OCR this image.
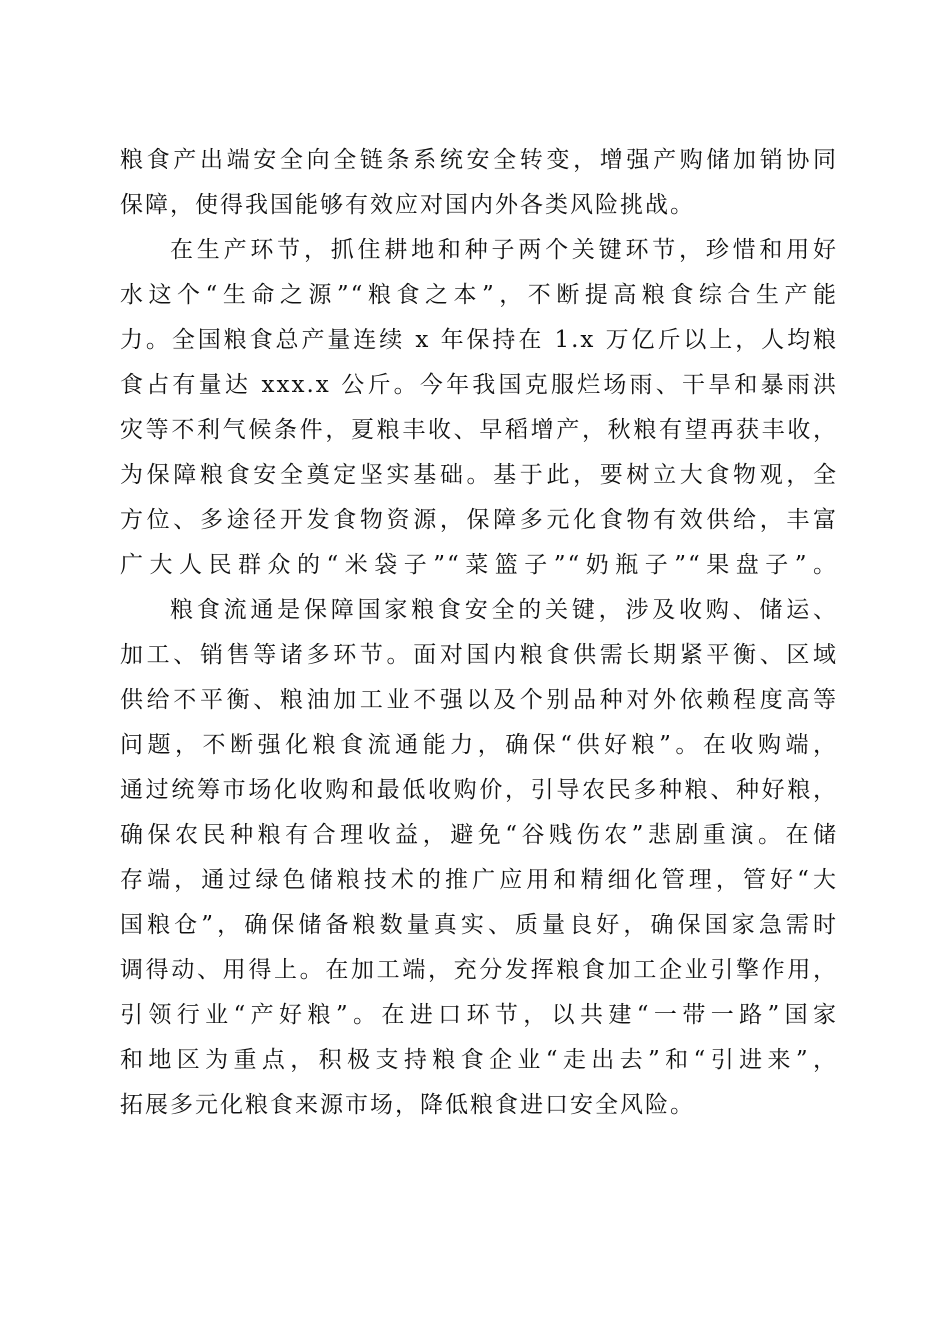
粮食产出端安全向全链条系统安全转变，增强产购储加销协同
保障，使得我国能够有效应对国内外各类风险挑战。
在生产环节，抓住耕地和种子两个关键环节，珍惜和用好
水这个“生命之源”“粮食之本”，不断提高粮食综合生产能
力。全国粮食总产量连续 x 年保持在 1.x 万亿斤以上，人均粮
食占有量达 xxx.x 公斤。今年我国克服烂场雨、干旱和暴雨洪
灾等不利气候条件，夏粮丰收、早稻增产，秋粮有望再获丰收，
为保障粮食安全奠定坚实基础。基于此，要树立大食物观，全
方位、多途径开发食物资源，保障多元化食物有效供给，丰富
广大人民群众的“米袋子”“菜篮子”“奶瓶子”“果盘子”。
粮食流通是保障国家粮食安全的关键，涉及收购、储运、
加工、销售等诸多环节。面对国内粮食供需长期紧平衡、区域
供给不平衡、粮油加工业不强以及个别品种对外依赖程度高等
问题，不断强化粮食流通能力，确保“供好粮”。在收购端，
通过统筹市场化收购和最低收购价，引导农民多种粮、种好粮，
确保农民种粮有合理收益，避免“谷贱伤农”悲剧重演。在储
存端，通过绿色储粮技术的推广应用和精细化管理，管好“大
国粮仓”，确保储备粮数量真实、质量良好，确保国家急需时
调得动、用得上。在加工端，充分发挥粮食加工企业引擎作用，
引领行业“产好粮”。在进口环节，以共建“一带一路”国家
和地区为重点，积极支持粮食企业“走出去”和“引进来”，
拓展多元化粮食来源市场，降低粮食进口安全风险。
